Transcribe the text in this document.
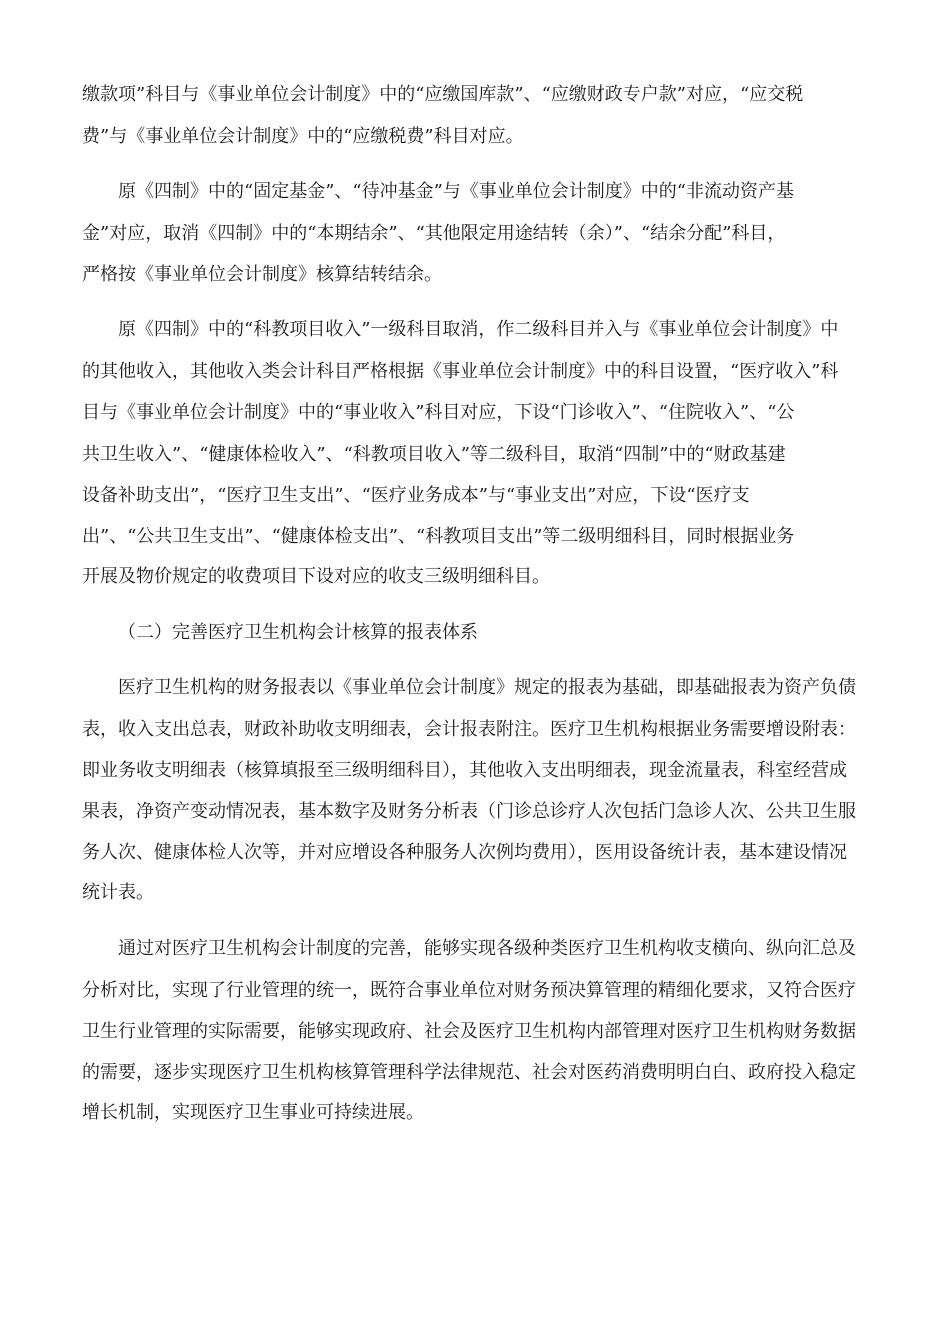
缴款项”科目与《事业单位会计制度》中的“应缴国库款”、“应缴财政专户款”对应，“应交税
费”与《事业单位会计制度》中的“应缴税费”科目对应。
原《四制》中的“固定基金”、“待冲基金”与《事业单位会计制度》中的“非流动资产基
金”对应，取消《四制》中的“本期结余”、“其他限定用途结转（余）”、“结余分配”科目，
严格按《事业单位会计制度》核算结转结余。
原《四制》中的“科教项目收入”一级科目取消，作二级科目并入与《事业单位会计制度》中
的其他收入，其他收入类会计科目严格根据《事业单位会计制度》中的科目设置，“医疗收入”科
目与《事业单位会计制度》中的“事业收入”科目对应，下设“门诊收入”、“住院收入”、“公
共卫生收入”、“健康体检收入”、“科教项目收入”等二级科目，取消“四制”中的“财政基建
设备补助支出”，“医疗卫生支出”、“医疗业务成本”与“事业支出”对应，下设“医疗支
出”、“公共卫生支出”、“健康体检支出”、“科教项目支出”等二级明细科目，同时根据业务
开展及物价规定的收费项目下设对应的收支三级明细科目。
（二）完善医疗卫生机构会计核算的报表体系
医疗卫生机构的财务报表以《事业单位会计制度》规定的报表为基础，即基础报表为资产负债
表，收入支出总表，财政补助收支明细表，会计报表附注。医疗卫生机构根据业务需要增设附表：
即业务收支明细表（核算填报至三级明细科目），其他收入支出明细表，现金流量表，科室经营成
果表，净资产变动情况表，基本数字及财务分析表（门诊总诊疗人次包括门急诊人次、公共卫生服
务人次、健康体检人次等，并对应增设各种服务人次例均费用），医用设备统计表，基本建设情况
统计表。
通过对医疗卫生机构会计制度的完善，能够实现各级种类医疗卫生机构收支横向、纵向汇总及
分析对比，实现了行业管理的统一，既符合事业单位对财务预决算管理的精细化要求，又符合医疗
卫生行业管理的实际需要，能够实现政府、社会及医疗卫生机构内部管理对医疗卫生机构财务数据
的需要，逐步实现医疗卫生机构核算管理科学法律规范、社会对医药消费明明白白、政府投入稳定
增长机制，实现医疗卫生事业可持续进展。
